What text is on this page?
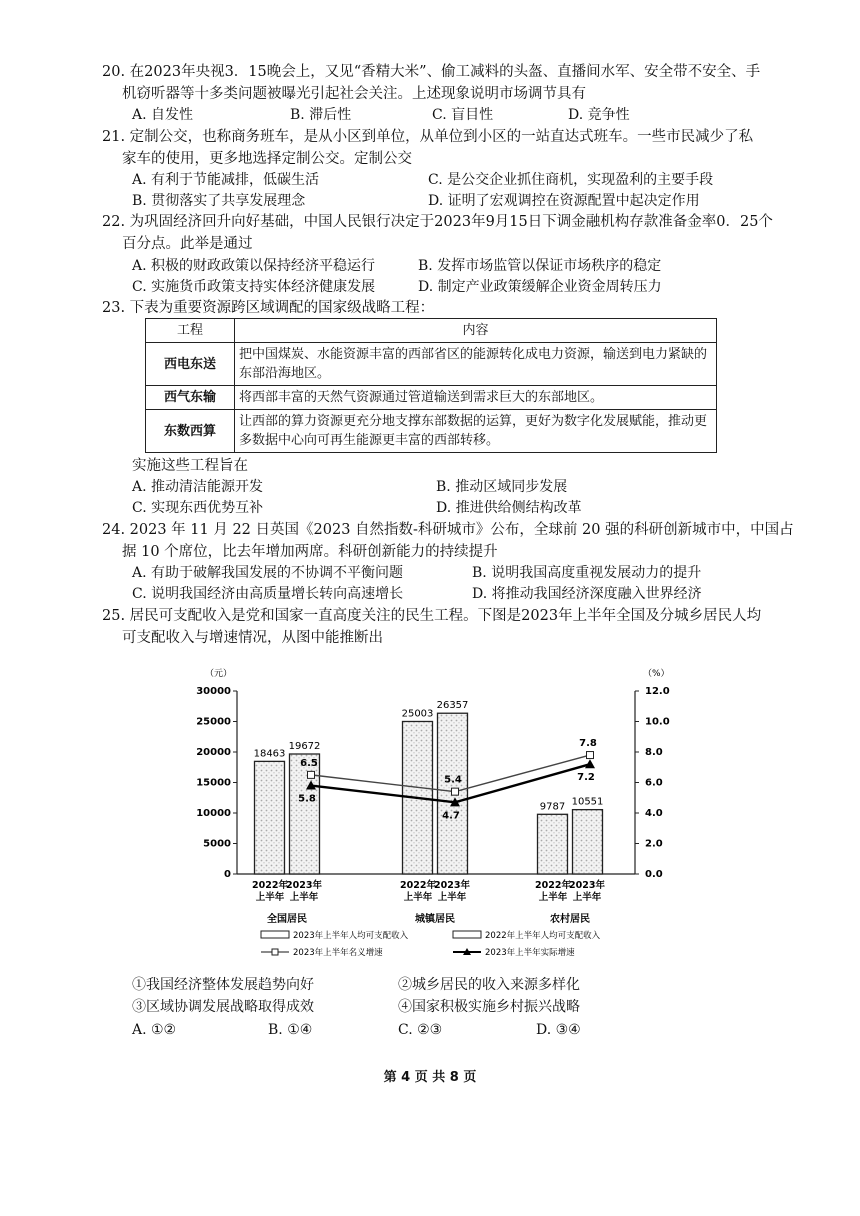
20. 在2023年央视3．15晚会上，又见“香精大米”、偷工减料的头盔、直播间水军、安全带不安全、手
机窃听器等十多类问题被曝光引起社会关注。上述现象说明市场调节具有
A. 自发性	B. 滞后性	C. 盲目性	D. 竞争性
21. 定制公交，也称商务班车，是从小区到单位，从单位到小区的一站直达式班车。一些市民减少了私
家车的使用，更多地选择定制公交。定制公交
A. 有利于节能减排，低碳生活	C. 是公交企业抓住商机，实现盈利的主要手段
B. 贯彻落实了共享发展理念	D. 证明了宏观调控在资源配置中起决定作用
22. 为巩固经济回升向好基础，中国人民银行决定于2023年9月15日下调金融机构存款准备金率0．25个
百分点。此举是通过
A. 积极的财政政策以保持经济平稳运行	B. 发挥市场监管以保证市场秩序的稳定
C. 实施货币政策支持实体经济健康发展	D. 制定产业政策缓解企业资金周转压力
23. 下表为重要资源跨区域调配的国家级战略工程：
工程	内容
西电东送	把中国煤炭、水能资源丰富的西部省区的能源转化成电力资源，输送到电力紧缺的东部沿海地区。
西气东输	将西部丰富的天然气资源通过管道输送到需求巨大的东部地区。
东数西算	让西部的算力资源更充分地支撑东部数据的运算，更好为数字化发展赋能，推动更多数据中心向可再生能源更丰富的西部转移。
实施这些工程旨在
A. 推动清洁能源开发	B. 推动区域同步发展
C. 实现东西优势互补	D. 推进供给侧结构改革
24. 2023 年 11 月 22 日英国《2023 自然指数-科研城市》公布，全球前 20 强的科研创新城市中，中国占
据 10 个席位，比去年增加两席。科研创新能力的持续提升
A. 有助于破解我国发展的不协调不平衡问题	B. 说明我国高度重视发展动力的提升
C. 说明我国经济由高质量增长转向高速增长	D. 将推动我国经济深度融入世界经济
25. 居民可支配收入是党和国家一直高度关注的民生工程。下图是2023年上半年全国及分城乡居民人均
可支配收入与增速情况，从图中能推断出
（元）	（%）
0
5000
10000
15000
20000
25000
30000
0.0
2.0
4.0
6.0
8.0
10.0
12.0
18463
25003
9787
19672
26357
10551
2022年
上半年
2023年
上半年
全国居民
2022年
上半年
2023年
上半年
城镇居民
2022年
上半年
2023年
上半年
农村居民
6.5
5.4
7.8
5.8
4.7
7.2
2023年上半年人均可支配收入	2022年上半年人均可支配收入
2023年上半年名义增速	2023年上半年实际增速
①我国经济整体发展趋势向好	②城乡居民的收入来源多样化
③区域协调发展战略取得成效	④国家积极实施乡村振兴战略
A. ①②	B. ①④	C. ②③	D. ③④
第 4 页 共 8 页
